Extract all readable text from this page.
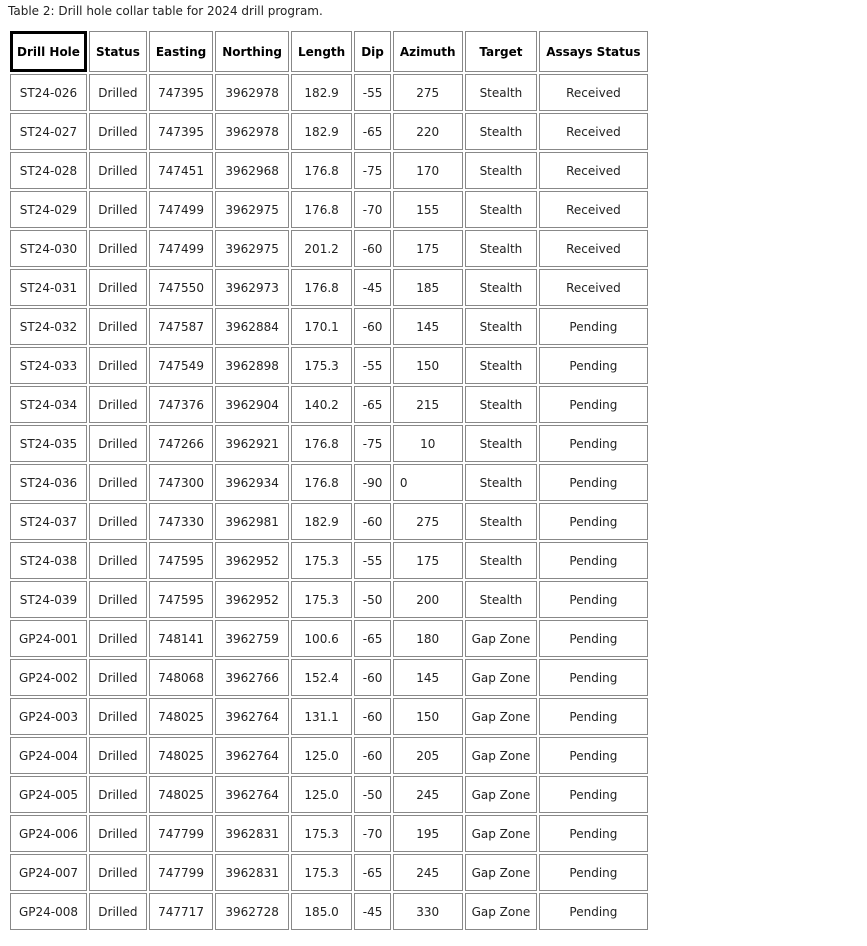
Table 2: Drill hole collar table for 2024 drill program.
Drill Hole	Status	Easting	Northing	Length	Dip	Azimuth	Target	Assays Status
ST24-026	Drilled	747395	3962978	182.9	-55	275	Stealth	Received
ST24-027	Drilled	747395	3962978	182.9	-65	220	Stealth	Received
ST24-028	Drilled	747451	3962968	176.8	-75	170	Stealth	Received
ST24-029	Drilled	747499	3962975	176.8	-70	155	Stealth	Received
ST24-030	Drilled	747499	3962975	201.2	-60	175	Stealth	Received
ST24-031	Drilled	747550	3962973	176.8	-45	185	Stealth	Received
ST24-032	Drilled	747587	3962884	170.1	-60	145	Stealth	Pending
ST24-033	Drilled	747549	3962898	175.3	-55	150	Stealth	Pending
ST24-034	Drilled	747376	3962904	140.2	-65	215	Stealth	Pending
ST24-035	Drilled	747266	3962921	176.8	-75	10	Stealth	Pending
ST24-036	Drilled	747300	3962934	176.8	-90	0	Stealth	Pending
ST24-037	Drilled	747330	3962981	182.9	-60	275	Stealth	Pending
ST24-038	Drilled	747595	3962952	175.3	-55	175	Stealth	Pending
ST24-039	Drilled	747595	3962952	175.3	-50	200	Stealth	Pending
GP24-001	Drilled	748141	3962759	100.6	-65	180	Gap Zone	Pending
GP24-002	Drilled	748068	3962766	152.4	-60	145	Gap Zone	Pending
GP24-003	Drilled	748025	3962764	131.1	-60	150	Gap Zone	Pending
GP24-004	Drilled	748025	3962764	125.0	-60	205	Gap Zone	Pending
GP24-005	Drilled	748025	3962764	125.0	-50	245	Gap Zone	Pending
GP24-006	Drilled	747799	3962831	175.3	-70	195	Gap Zone	Pending
GP24-007	Drilled	747799	3962831	175.3	-65	245	Gap Zone	Pending
GP24-008	Drilled	747717	3962728	185.0	-45	330	Gap Zone	Pending
